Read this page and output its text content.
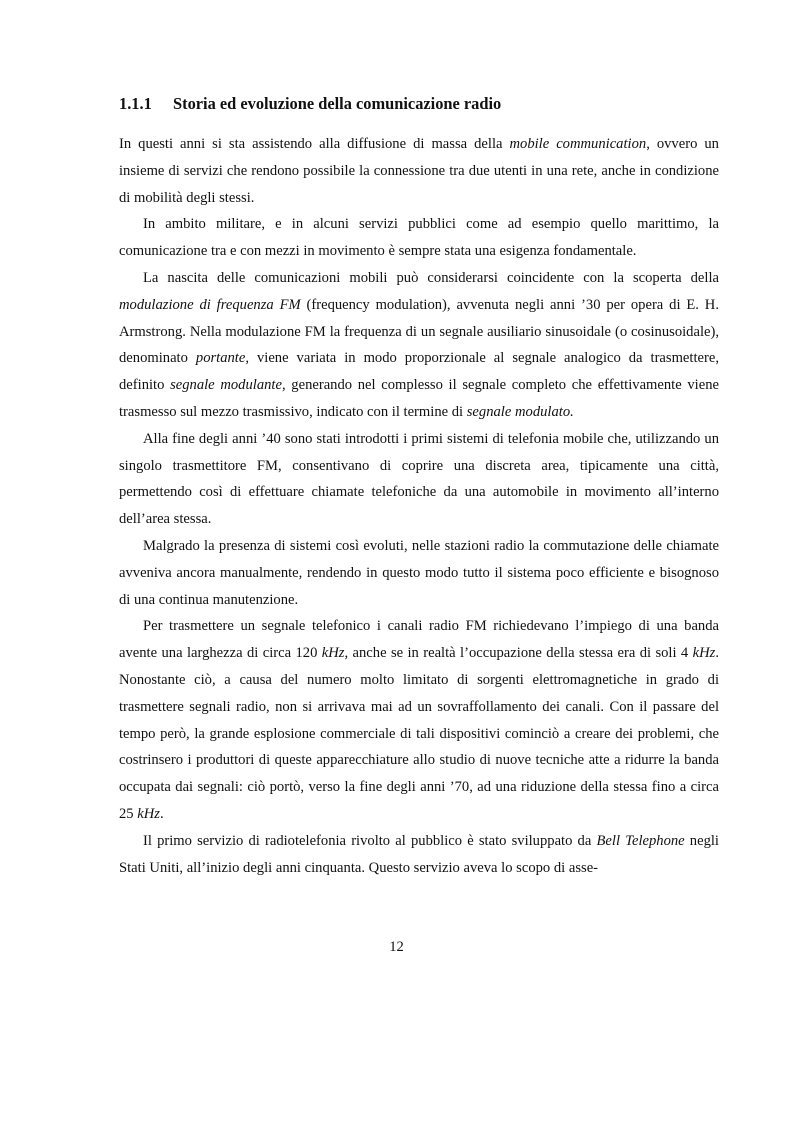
1.1.1 Storia ed evoluzione della comunicazione radio

In questi anni si sta assistendo alla diffusione di massa della mobile communication, ovvero un insieme di servizi che rendono possibile la connessione tra due utenti in una rete, anche in condizione di mobilità degli stessi.

In ambito militare, e in alcuni servizi pubblici come ad esempio quello marittimo, la comunicazione tra e con mezzi in movimento è sempre stata una esigenza fondamentale.

La nascita delle comunicazioni mobili può considerarsi coincidente con la scoperta della modulazione di frequenza FM (frequency modulation), avvenuta negli anni ’30 per opera di E. H. Armstrong. Nella modulazione FM la frequenza di un segnale ausiliario sinusoidale (o cosinusoidale), denominato portante, viene variata in modo proporzionale al segnale analogico da trasmettere, definito segnale modulante, generando nel complesso il segnale completo che effettivamente viene trasmesso sul mezzo trasmissivo, indicato con il termine di segnale modulato.

Alla fine degli anni ’40 sono stati introdotti i primi sistemi di telefonia mobile che, utilizzando un singolo trasmettitore FM, consentivano di coprire una discreta area, tipicamente una città, permettendo così di effettuare chiamate telefoniche da una automobile in movimento all’interno dell’area stessa.

Malgrado la presenza di sistemi così evoluti, nelle stazioni radio la commutazione delle chiamate avveniva ancora manualmente, rendendo in questo modo tutto il sistema poco efficiente e bisognoso di una continua manutenzione.

Per trasmettere un segnale telefonico i canali radio FM richiedevano l’impiego di una banda avente una larghezza di circa 120 kHz, anche se in realtà l’occupazione della stessa era di soli 4 kHz. Nonostante ciò, a causa del numero molto limitato di sorgenti elettromagnetiche in grado di trasmettere segnali radio, non si arrivava mai ad un sovraffollamento dei canali. Con il passare del tempo però, la grande esplosione commerciale di tali dispositivi cominciò a creare dei problemi, che costrinsero i produttori di queste apparecchiature allo studio di nuove tecniche atte a ridurre la banda occupata dai segnali: ciò portò, verso la fine degli anni ’70, ad una riduzione della stessa fino a circa 25 kHz.

Il primo servizio di radiotelefonia rivolto al pubblico è stato sviluppato da Bell Telephone negli Stati Uniti, all’inizio degli anni cinquanta. Questo servizio aveva lo scopo di asse-

12
